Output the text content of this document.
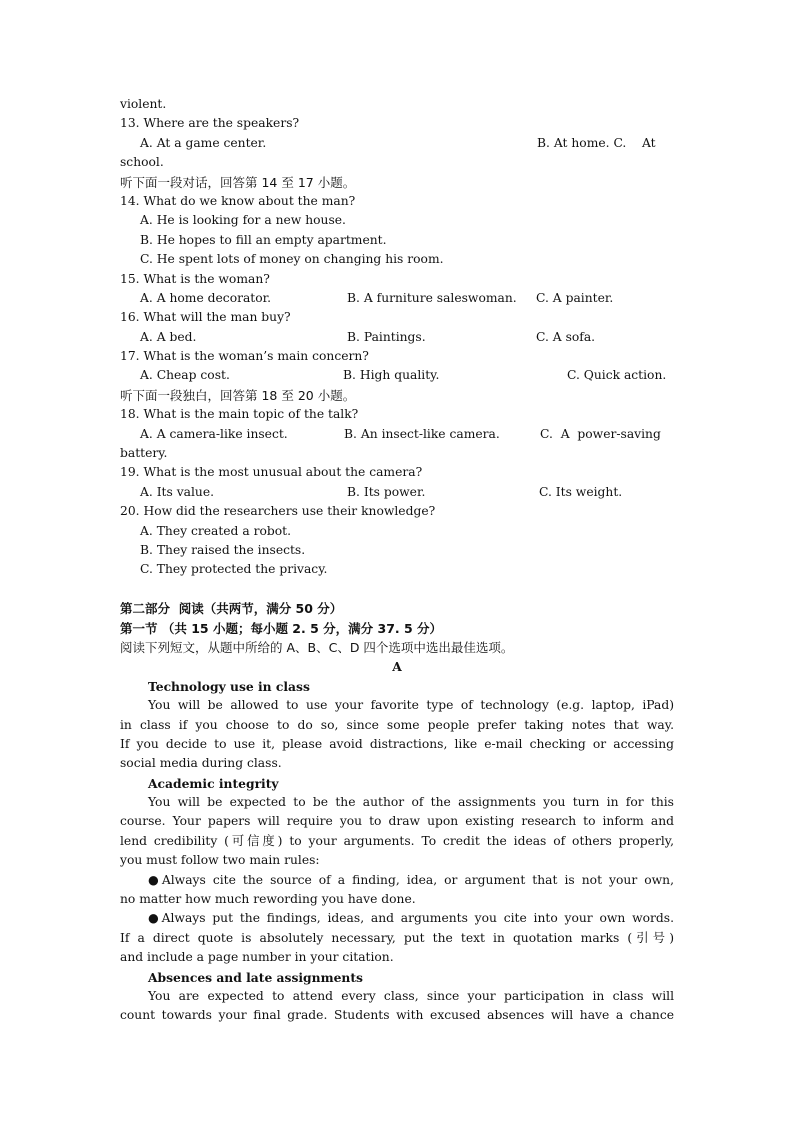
violent.
13. Where are the speakers?
A. At a game center.	B. At home. C.    At
school.
听下面一段对话，回答第 14 至 17 小题。
14. What do we know about the man?
A. He is looking for a new house.
B. He hopes to fill an empty apartment.
C. He spent lots of money on changing his room.
15. What is the woman?
A. A home decorator.	B. A furniture saleswoman.	C. A painter.
16. What will the man buy?
A. A bed.	B. Paintings.	C. A sofa.
17. What is the woman’s main concern?
A. Cheap cost.	B. High quality.	C. Quick action.
听下面一段独白，回答第 18 至 20 小题。
18. What is the main topic of the talk?
A. A camera-like insect.	B. An insect-like camera.	C.  A  power-saving
battery.
19. What is the most unusual about the camera?
A. Its value.	B. Its power.	C. Its weight.
20. How did the researchers use their knowledge?
A. They created a robot.
B. They raised the insects.
C. They protected the privacy.
第二部分  阅读（共两节，满分 50 分）
第一节 （共 15 小题；每小题 2. 5 分，满分 37. 5 分）
阅读下列短文，从题中所给的 A、B、C、D 四个选项中选出最佳选项。
A
Technology use in class
You will be allowed to use your favorite type of technology (e.g. laptop, iPad)
in class if you choose to do so, since some people prefer taking notes that way.
If you decide to use it, please avoid distractions, like e-mail checking or accessing
social media during class.
Academic integrity
You will be expected to be the author of the assignments you turn in for this
course. Your papers will require you to draw upon existing research to inform and
lend credibility (可信度) to your arguments. To credit the ideas of others properly,
you must follow two main rules:
●Always cite the source of a finding, idea, or argument that is not your own,
no matter how much rewording you have done.
●Always put the findings, ideas, and arguments you cite into your own words.
If a direct quote is absolutely necessary, put the text in quotation marks (引号)
and include a page number in your citation.
Absences and late assignments
You are expected to attend every class, since your participation in class will
count towards your final grade. Students with excused absences will have a chance
